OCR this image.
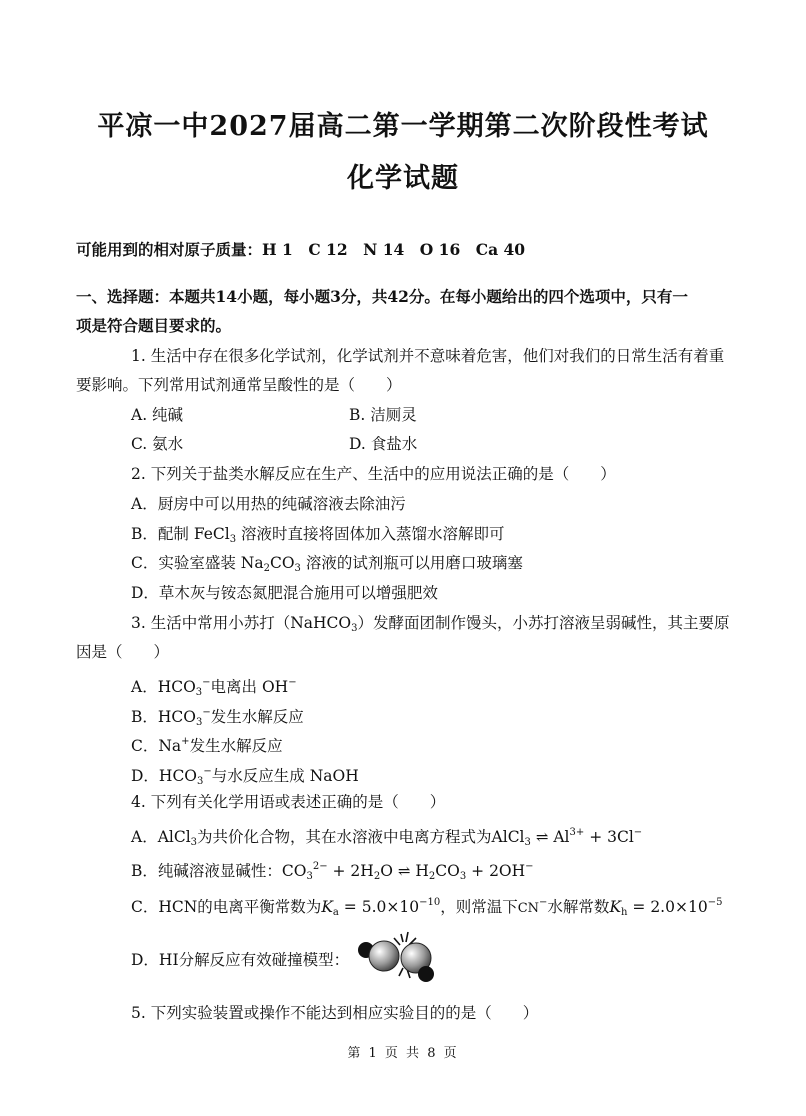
平凉一中2027届高二第一学期第二次阶段性考试
化学试题
可能用到的相对原子质量：H 1　C 12　N 14　O 16　Ca 40
一、选择题：本题共14小题，每小题3分，共42分。在每小题给出的四个选项中，只有一
项是符合题目要求的。
1. 生活中存在很多化学试剂，化学试剂并不意味着危害，他们对我们的日常生活有着重
要影响。下列常用试剂通常呈酸性的是（　　）
A. 纯碱	B. 洁厕灵
C. 氨水	D. 食盐水
2. 下列关于盐类水解反应在生产、生活中的应用说法正确的是（　　）
A．厨房中可以用热的纯碱溶液去除油污
B．配制 FeCl$_3$ 溶液时直接将固体加入蒸馏水溶解即可
C．实验室盛装 $Na_2CO_3$ 溶液的试剂瓶可以用磨口玻璃塞
D．草木灰与铵态氮肥混合施用可以增强肥效
3. 生活中常用小苏打（NaHCO$_3$）发酵面团制作馒头，小苏打溶液呈弱碱性，其主要原
因是（　　）
A．$HCO_3^-$电离出 OH−
B．$HCO_3^-$发生水解反应
C．Na+发生水解反应
D．$HCO_3^-$与水反应生成 NaOH
4. 下列有关化学用语或表述正确的是（　　）
A．AlCl$_3$为共价化合物，其在水溶液中电离方程式为AlCl$_3$ ⇌ $Al^{3+} + 3Cl^-$
B．纯碱溶液显碱性：$CO_3^{2-} + 2H_2O$ ⇌ $H_2CO_3 + 2OH^-$
C．HCN的电离平衡常数为$K_a = 5.0\times 10^{-10}$，则常温下CN−水解常数$K_h = 2.0\times 10^{-5}$
D．HI分解反应有效碰撞模型：
5. 下列实验装置或操作不能达到相应实验目的的是（　　）
第 1 页 共 8 页
